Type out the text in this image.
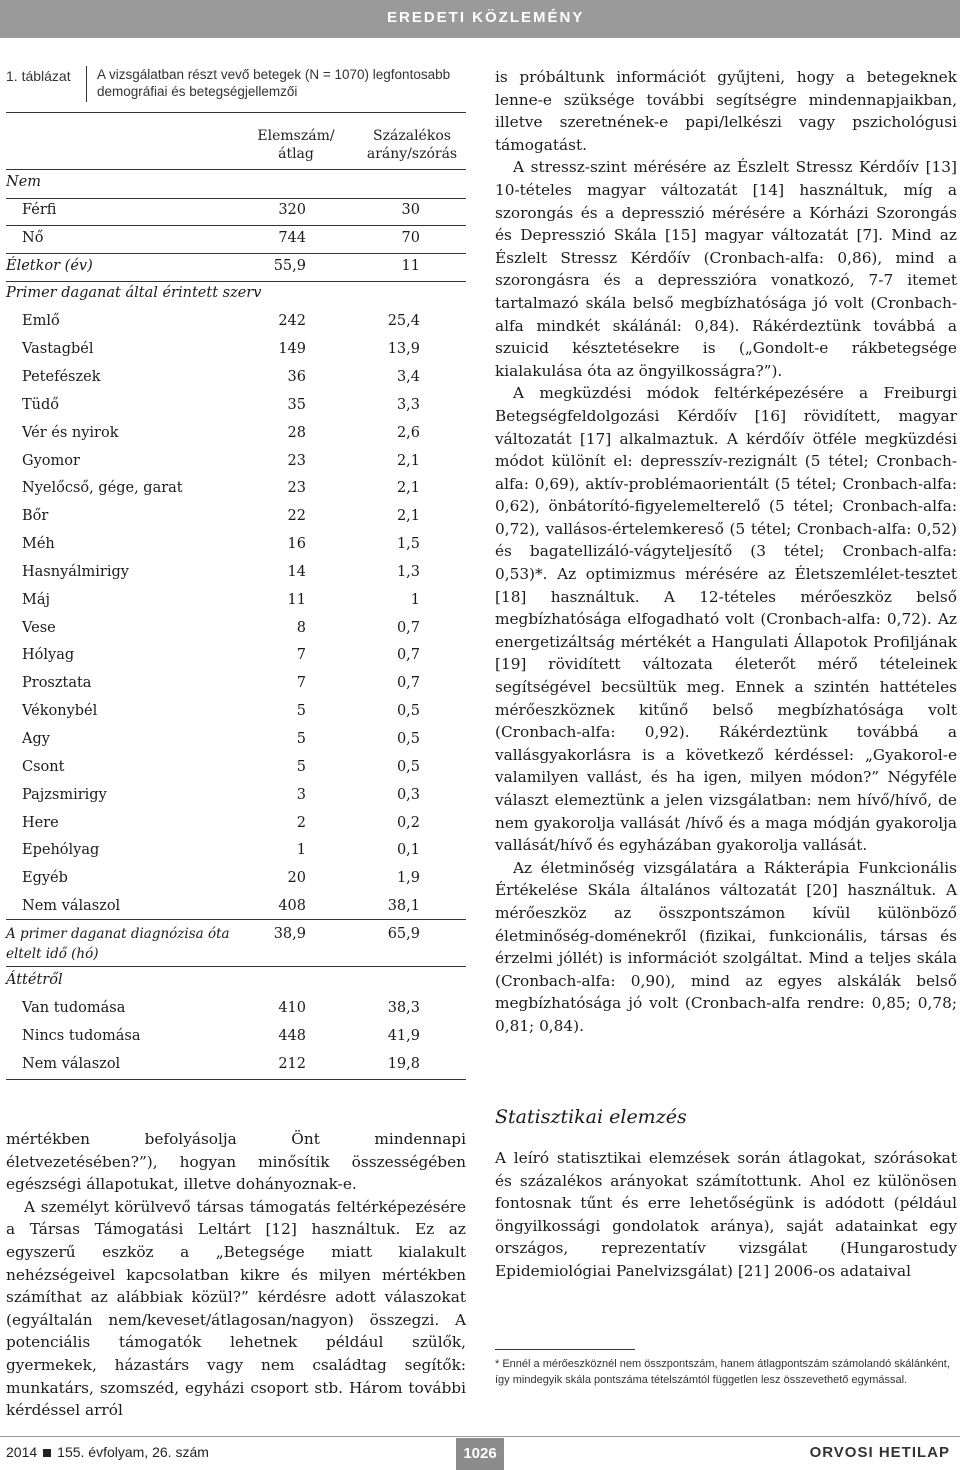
EREDETI KÖZLEMÉNY
1. táblázat A vizsgálatban részt vevő betegek (N = 1070) legfontosabb demográfiai és betegségjellemzői
Elemszám/
átlag
Százalékos
arány/szórás
Nem
Férfi	320	30
Nő	744	70
Életkor (év)	55,9	11
Primer daganat által érintett szerv
Emlő	242	25,4
Vastagbél	149	13,9
Petefészek	36	3,4
Tüdő	35	3,3
Vér és nyirok	28	2,6
Gyomor	23	2,1
Nyelőcső, gége, garat	23	2,1
Bőr	22	2,1
Méh	16	1,5
Hasnyálmirigy	14	1,3
Máj	11	1
Vese	8	0,7
Hólyag	7	0,7
Prosztata	7	0,7
Vékonybél	5	0,5
Agy	5	0,5
Csont	5	0,5
Pajzsmirigy	3	0,3
Here	2	0,2
Epehólyag	1	0,1
Egyéb	20	1,9
Nem válaszol	408	38,1
A primer daganat diagnózisa óta	38,9	65,9
eltelt idő (hó)
Áttétről
Van tudomása	410	38,3
Nincs tudomása	448	41,9
Nem válaszol	212	19,8

mértékben befolyásolja Önt mindennapi életvezetésében?”), hogyan minősítik összességében egészségi állapotukat, illetve dohányoznak-e.

A személyt körülvevő társas támogatás feltérképezésére a Társas Támogatási Leltárt [12] használtuk. Ez az egyszerű eszköz a „Betegsége miatt kialakult nehézségeivel kapcsolatban kikre és milyen mértékben számíthat az alábbiak közül?” kérdésre adott válaszokat (egyáltalán nem/keveset/átlagosan/nagyon) összegzi. A potenciális támogatók lehetnek például szülők, gyermekek, házastárs vagy nem családtag segítők: munkatárs, szomszéd, egyházi csoport stb. Három további kérdéssel arról

is próbáltunk információt gyűjteni, hogy a betegeknek lenne-e szüksége további segítségre mindennapjaikban, illetve szeretnének-e papi/lelkészi vagy pszichológusi támogatást.

A stressz-szint mérésére az Észlelt Stressz Kérdőív [13] 10-tételes magyar változatát [14] használtuk, míg a szorongás és a depresszió mérésére a Kórházi Szorongás és Depresszió Skála [15] magyar változatát [7]. Mind az Észlelt Stressz Kérdőív (Cronbach-alfa: 0,86), mind a szorongásra és a depresszióra vonatkozó, 7-7 itemet tartalmazó skála belső megbízhatósága jó volt (Cronbach-alfa mindkét skálánál: 0,84). Rákérdeztünk továbbá a szuicid késztetésekre is („Gondolt-e rákbetegsége kialakulása óta az öngyilkosságra?”).

A megküzdési módok feltérképezésére a Freiburgi Betegségfeldolgozási Kérdőív [16] rövidített, magyar változatát [17] alkalmaztuk. A kérdőív ötféle megküzdési módot különít el: depresszív-rezignált (5 tétel; Cronbach-alfa: 0,69), aktív-problémaorientált (5 tétel; Cronbach-alfa: 0,62), önbátorító-figyelemelterelő (5 tétel; Cronbach-alfa: 0,72), vallásos-értelemkereső (5 tétel; Cronbach-alfa: 0,52) és bagatellizáló-vágyteljesítő (3 tétel; Cronbach-alfa: 0,53)*. Az optimizmus mérésére az Életszemlélet-tesztet [18] használtuk. A 12-tételes mérőeszköz belső megbízhatósága elfogadható volt (Cronbach-alfa: 0,72). Az energetizáltság mértékét a Hangulati Állapotok Profiljának [19] rövidített változata életerőt mérő tételeinek segítségével becsültük meg. Ennek a szintén hattételes mérőeszköznek kitűnő belső megbízhatósága volt (Cronbach-alfa: 0,92). Rákérdeztünk továbbá a vallásgyakorlásra is a következő kérdéssel: „Gyakorol-e valamilyen vallást, és ha igen, milyen módon?” Négyféle választ elemeztünk a jelen vizsgálatban: nem hívő/hívő, de nem gyakorolja vallását /hívő és a maga módján gyakorolja vallását/hívő és egyházában gyakorolja vallását.

Az életminőség vizsgálatára a Rákterápia Funkcionális Értékelése Skála általános változatát [20] használtuk. A mérőeszköz az összpontszámon kívül különböző életminőség-doménekről (fizikai, funkcionális, társas és érzelmi jóllét) is információt szolgáltat. Mind a teljes skála (Cronbach-alfa: 0,90), mind az egyes alskálák belső megbízhatósága jó volt (Cronbach-alfa rendre: 0,85; 0,78; 0,81; 0,84).

Statisztikai elemzés

A leíró statisztikai elemzések során átlagokat, szórásokat és százalékos arányokat számítottunk. Ahol ez különösen fontosnak tűnt és erre lehetőségünk is adódott (például öngyilkossági gondolatok aránya), saját adatainkat egy országos, reprezentatív vizsgálat (Hungarostudy Epidemiológiai Panelvizsgálat) [21] 2006-os adataival

* Ennél a mérőeszköznél nem összpontszám, hanem átlagpontszám számolandó skálánként, így mindegyik skála pontszáma tételszámtól független lesz összevethető egymással.
2014 155. évfolyam, 26. szám	1026	ORVOSI HETILAP
